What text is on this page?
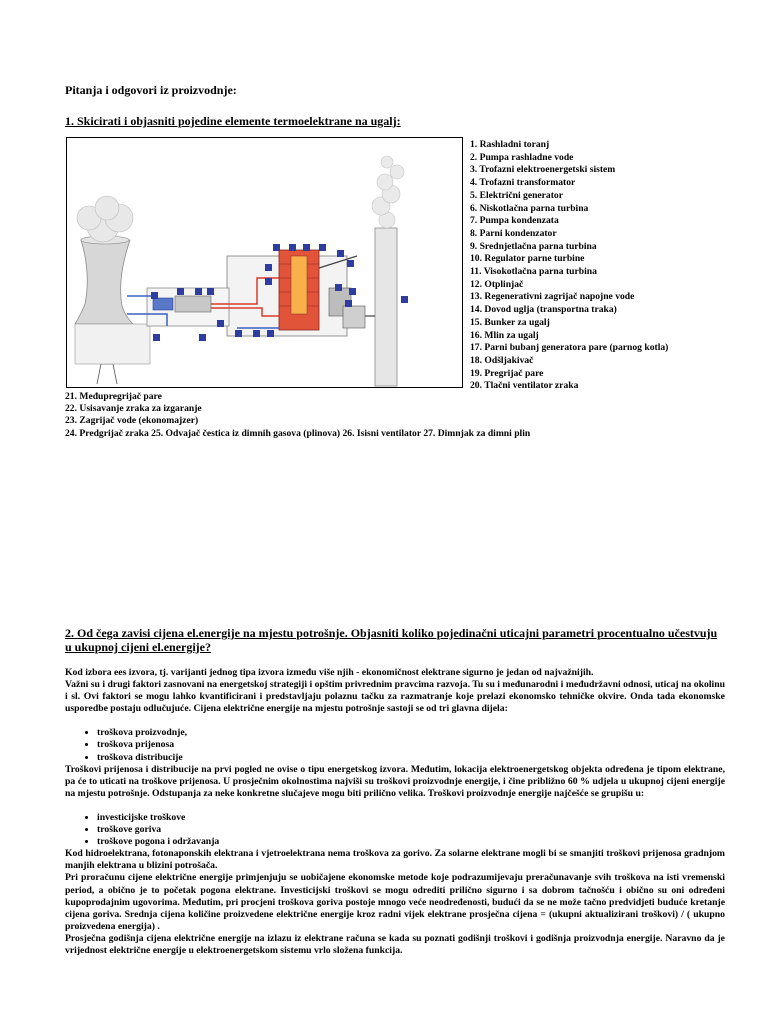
Pitanja i odgovori iz proizvodnje:
1. Skicirati i objasniti pojedine elemente termoelektrane na ugalj:
1. Rashladni toranj
2. Pumpa rashladne vode
3. Trofazni elektroenergetski sistem
4. Trofazni transformator
5. Električni generator
6. Niskotlačna parna turbina
7. Pumpa kondenzata
8. Parni kondenzator
9. Srednjetlačna parna turbina
10. Regulator parne turbine
11. Visokotlačna parna turbina
12. Otplinjač
13. Regenerativni zagrijač napojne vode
14. Dovod uglja (transportna traka)
15. Bunker za ugalj
16. Mlin za ugalj
17. Parni bubanj generatora pare (parnog kotla)
18. Odšljakivač
19. Pregrijač pare
20. Tlačni ventilator zraka
21. Međupregrijač pare
22. Usisavanje zraka za izgaranje
23. Zagrijač vode (ekonomajzer)
24. Predgrijač zraka 25. Odvajač čestica iz dimnih gasova (plinova) 26. Isisni ventilator 27. Dimnjak za dimni plin
2. Od čega zavisi cijena el.energije na mjestu potrošnje. Objasniti koliko pojedinačni uticajni parametri procentualno učestvuju u ukupnoj cijeni el.energije?

Kod izbora ees izvora, tj. varijanti jednog tipa izvora između više njih - ekonomičnost elektrane sigurno je jedan od najvažnijih.

Važni su i drugi faktori zasnovani na energetskoj strategiji i opštim privrednim pravcima razvoja. Tu su i međunarodni i međudržavni odnosi, uticaj na okolinu i sl. Ovi faktori se mogu lahko kvantificirani i predstavljaju polaznu tačku za razmatranje koje prelazi ekonomsko tehničke okvire. Onda tada ekonomske usporedbe postaju odlučujuće. Cijena električne energije na mjestu potrošnje sastoji se od tri glavna dijela:

• troškova proizvodnje,
• troškova prijenosa
• troškova distribucije

Troškovi prijenosa i distribucije na prvi pogled ne ovise o tipu energetskog izvora. Međutim, lokacija elektroenergetskog objekta određena je tipom elektrane, pa će to uticati na troškove prijenosa. U prosječnim okolnostima najviši su troškovi proizvodnje energije, i čine približno 60 % udjela u ukupnoj cijeni energije na mjestu potrošnje. Odstupanja za neke konkretne slučajeve mogu biti prilično velika. Troškovi proizvodnje energije najčešće se grupišu u:

• investicijske troškove
• troškove goriva
• troškove pogona i održavanja

Kod hidroelektrana, fotonaponskih elektrana i vjetroelektrana nema troškova za gorivo. Za solarne elektrane mogli bi se smanjiti troškovi prijenosa gradnjom manjih elektrana u blizini potrošača.

Pri proračunu cijene električne energije primjenjuju se uobičajene ekonomske metode koje podrazumijevaju preračunavanje svih troškova na isti vremenski period, a obično je to početak pogona elektrane. Investicijski troškovi se mogu odrediti prilično sigurno i sa dobrom tačnošću i obično su oni određeni kupoprodajnim ugovorima. Međutim, pri procjeni troškova goriva postoje mnogo veće neodređenosti, budući da se ne može tačno predvidjeti buduće kretanje cijena goriva. Srednja cijena količine proizvedene električne energije kroz radni vijek elektrane prosječna cijena = (ukupni aktualizirani troškovi) / ( ukupno proizvedena energija) .

Prosječna godišnja cijena električne energije na izlazu iz elektrane računa se kada su poznati godišnji troškovi i godišnja proizvodnja energije. Naravno da je vrijednost električne energije u elektroenergetskom sistemu vrlo složena funkcija.
